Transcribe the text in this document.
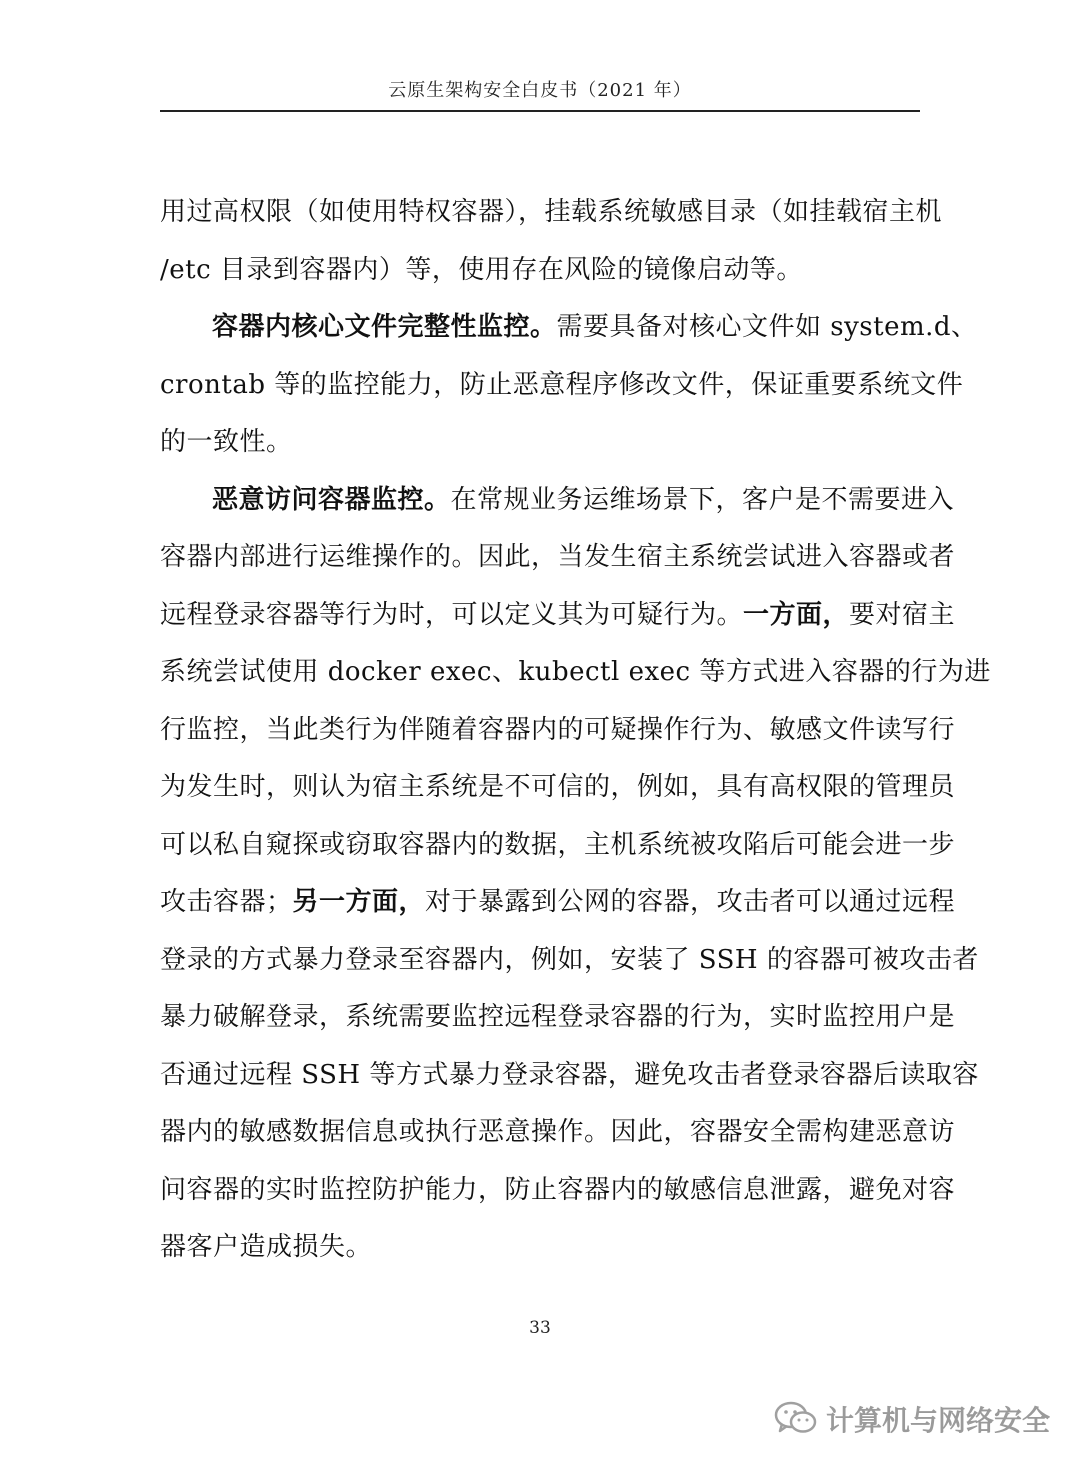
云原生架构安全白皮书（2021 年）
用过高权限（如使用特权容器），挂载系统敏感目录（如挂载宿主机
/etc 目录到容器内）等，使用存在风险的镜像启动等。
容器内核心文件完整性监控。需要具备对核心文件如 system.d、
crontab 等的监控能力，防止恶意程序修改文件，保证重要系统文件
的一致性。
恶意访问容器监控。在常规业务运维场景下，客户是不需要进入
容器内部进行运维操作的。因此，当发生宿主系统尝试进入容器或者
远程登录容器等行为时，可以定义其为可疑行为。一方面，要对宿主
系统尝试使用 docker exec、kubectl exec 等方式进入容器的行为进
行监控，当此类行为伴随着容器内的可疑操作行为、敏感文件读写行
为发生时，则认为宿主系统是不可信的，例如，具有高权限的管理员
可以私自窥探或窃取容器内的数据，主机系统被攻陷后可能会进一步
攻击容器；另一方面，对于暴露到公网的容器，攻击者可以通过远程
登录的方式暴力登录至容器内，例如，安装了 SSH 的容器可被攻击者
暴力破解登录，系统需要监控远程登录容器的行为，实时监控用户是
否通过远程 SSH 等方式暴力登录容器，避免攻击者登录容器后读取容
器内的敏感数据信息或执行恶意操作。因此，容器安全需构建恶意访
问容器的实时监控防护能力，防止容器内的敏感信息泄露，避免对容
器客户造成损失。
33
计算机与网络安全
